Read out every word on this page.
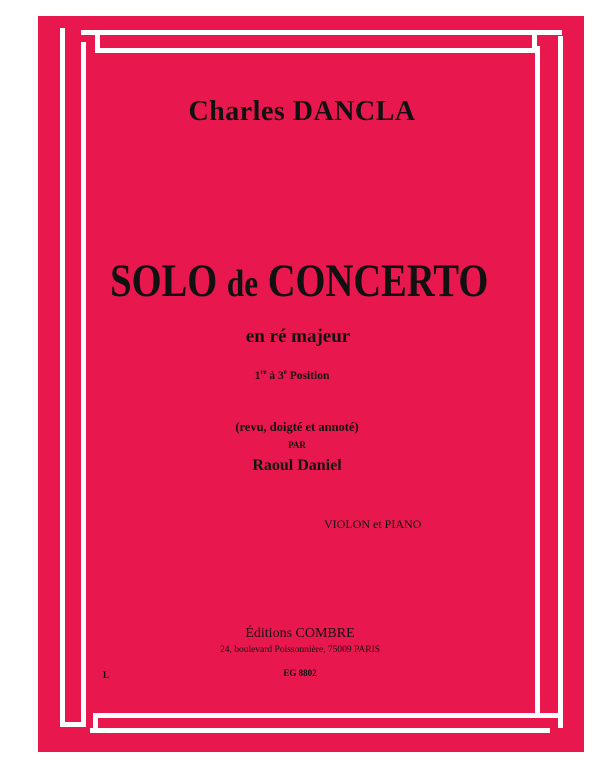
Charles DANCLA
SOLO de CONCERTO
en ré majeur
1re à 3e Position
(revu, doigté et annoté)
PAR
Raoul Daniel
VIOLON et PIANO
Éditions COMBRE
24, boulevard Poissonnière, 75009 PARIS
EG 8802
L
